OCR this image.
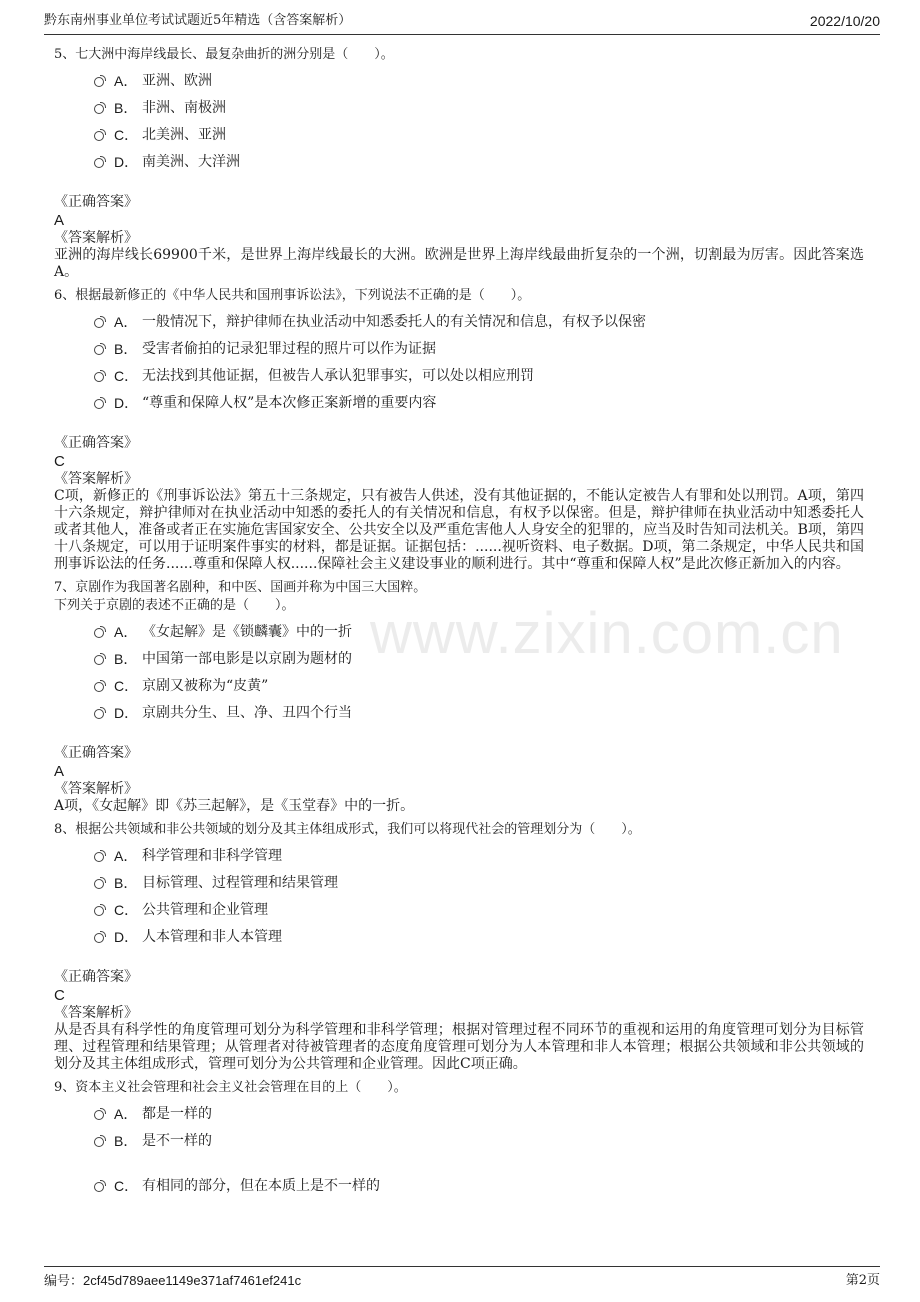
黔东南州事业单位考试试题近5年精选（含答案解析）	2022/10/20
www.zixin.com.cn
5、七大洲中海岸线最长、最复杂曲折的洲分别是（　　）。
A． 亚洲、欧洲
B． 非洲、南极洲
C． 北美洲、亚洲
D． 南美洲、大洋洲
《正确答案》
A
《答案解析》
亚洲的海岸线长69900千米，是世界上海岸线最长的大洲。欧洲是世界上海岸线最曲折复杂的一个洲，切割最为厉害。因此答案选A。
6、根据最新修正的《中华人民共和国刑事诉讼法》，下列说法不正确的是（　　）。
A． 一般情况下，辩护律师在执业活动中知悉委托人的有关情况和信息，有权予以保密
B． 受害者偷拍的记录犯罪过程的照片可以作为证据
C． 无法找到其他证据，但被告人承认犯罪事实，可以处以相应刑罚
D． “尊重和保障人权”是本次修正案新增的重要内容
《正确答案》
C
《答案解析》
C项，新修正的《刑事诉讼法》第五十三条规定，只有被告人供述，没有其他证据的，不能认定被告人有罪和处以刑罚。A项，第四十六条规定，辩护律师对在执业活动中知悉的委托人的有关情况和信息，有权予以保密。但是，辩护律师在执业活动中知悉委托人或者其他人，准备或者正在实施危害国家安全、公共安全以及严重危害他人人身安全的犯罪的，应当及时告知司法机关。B项，第四十八条规定，可以用于证明案件事实的材料，都是证据。证据包括：......视听资料、电子数据。D项，第二条规定，中华人民共和国刑事诉讼法的任务......尊重和保障人权......保障社会主义建设事业的顺利进行。其中“尊重和保障人权”是此次修正新加入的内容。
7、京剧作为我国著名剧种，和中医、国画并称为中国三大国粹。
下列关于京剧的表述不正确的是（　　）。
A． 《女起解》是《锁麟囊》中的一折
B． 中国第一部电影是以京剧为题材的
C． 京剧又被称为“皮黄”
D． 京剧共分生、旦、净、丑四个行当
《正确答案》
A
《答案解析》
A项，《女起解》即《苏三起解》，是《玉堂春》中的一折。
8、根据公共领域和非公共领域的划分及其主体组成形式，我们可以将现代社会的管理划分为（　　）。
A． 科学管理和非科学管理
B． 目标管理、过程管理和结果管理
C． 公共管理和企业管理
D． 人本管理和非人本管理
《正确答案》
C
《答案解析》
从是否具有科学性的角度管理可划分为科学管理和非科学管理；根据对管理过程不同环节的重视和运用的角度管理可划分为目标管理、过程管理和结果管理；从管理者对待被管理者的态度角度管理可划分为人本管理和非人本管理；根据公共领域和非公共领域的划分及其主体组成形式，管理可划分为公共管理和企业管理。因此C项正确。
9、资本主义社会管理和社会主义社会管理在目的上（　　）。
A． 都是一样的
B． 是不一样的
C． 有相同的部分，但在本质上是不一样的
编号：2cf45d789aee1149e371af7461ef241c	第2页
